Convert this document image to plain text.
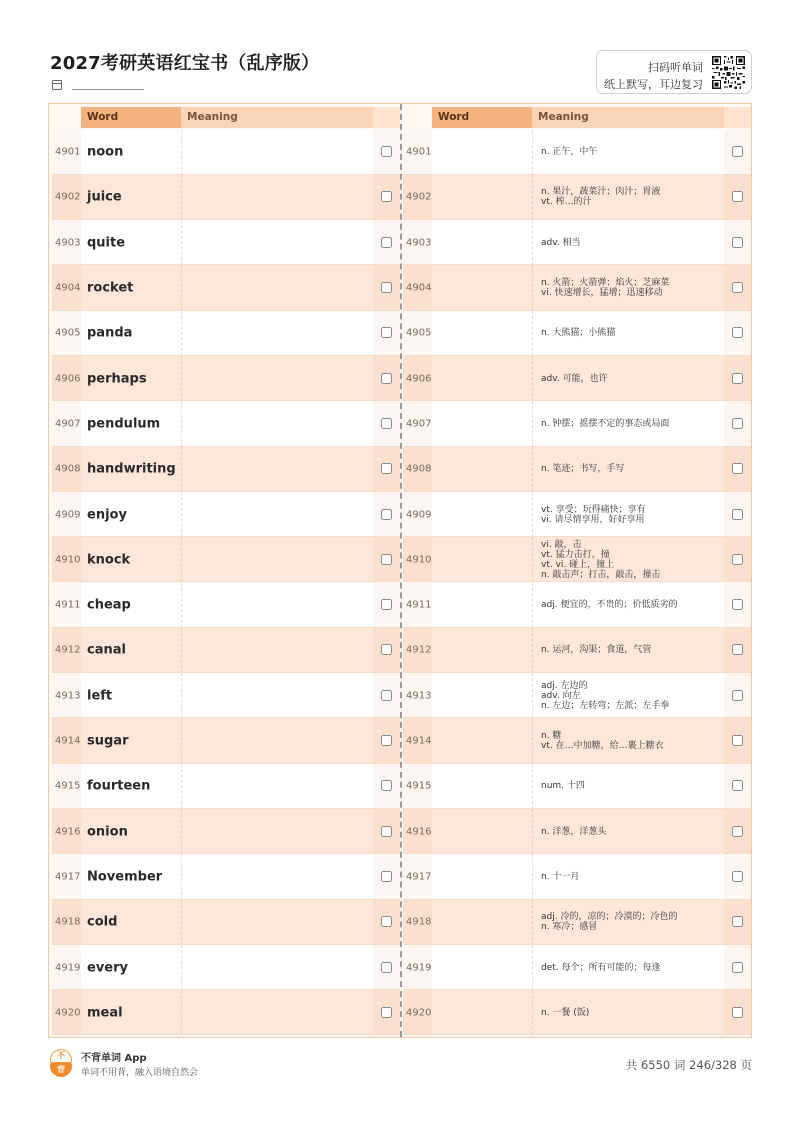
2027考研英语红宝书（乱序版）	扫码听单词
纸上默写，耳边复习
Word	Meaning
4901 noon
4902 juice
4903 quite
4904 rocket
4905 panda
4906 perhaps
4907 pendulum
4908 handwriting
4909 enjoy
4910 knock
4911 cheap
4912 canal
4913 left
4914 sugar
4915 fourteen
4916 onion
4917 November
4918 cold
4919 every
4920 meal
Word	Meaning
4901	n. 正午，中午
4902	n. 果汁，蔬菜汁；肉汁；胃液
vt. 榨…的汁
4903	adv. 相当
4904	n. 火箭；火箭弹；焰火；芝麻菜
vi. 快速增长，猛增；迅速移动
4905	n. 大熊猫；小熊猫
4906	adv. 可能，也许
4907	n. 钟摆；摇摆不定的事态或局面
4908	n. 笔迹；书写，手写
4909	vt. 享受；玩得痛快；享有
vi. 请尽情享用，好好享用
4910
vi. 敲，击
vt. 猛力击打，撞
vt. vi. 碰上，撞上
n. 敲击声；打击，敲击，撞击
4911	adj. 便宜的，不贵的；价低质劣的
4912	n. 运河，沟渠；食道，气管
4913
adj. 左边的
adv. 向左
n. 左边；左转弯；左派；左手拳
4914	n. 糖
vt. 在…中加糖，给…裹上糖衣
4915	num. 十四
4916	n. 洋葱，洋葱头
4917	n. 十一月
4918	adj. 冷的，凉的；冷漠的；冷色的
n. 寒冷；感冒
4919	det. 每个；所有可能的；每逢
4920	n. 一餐 (饭)
不
背
不背单词 App
单词不用背，融入语境自然会
共 6550 词 246/328 页
